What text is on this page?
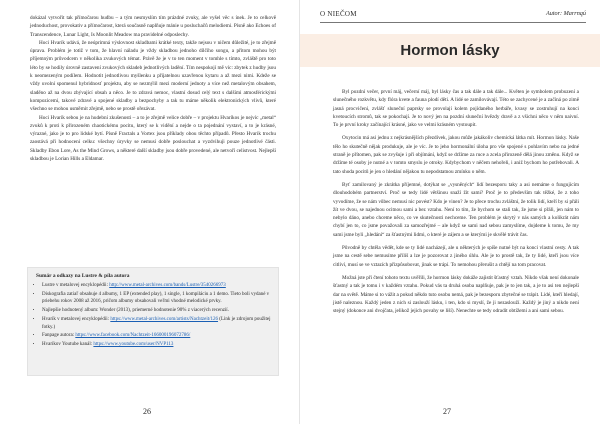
dokázal vytvořit tak přímočarou hudbu – a tým nesmyslím tím prázdné zvuky, ale vyšel věc s ínek. Je to celkově jednoduchost, provokativ a přímočarost, která současně naplňuje mánie u posluchačů melodiemi. Písně ako Echoes of Transcendence, Lunar Light, Is Moonlit Meadow ma pravidelné odposlechy.

Hoci Hvarík udává, že neúprimná výslovnost skladbami krátké texty, takže nejsou v ničem důležité, je to zřejmě úprava. Problém je totiž v tom, že hlavní náladu je vždy skladbou jednoho dílčího songu, a přitom mohou být příjemným průvodcem v několika zvukových témat. Právě že je v to ten moment v tomhle s tímto, zvláště pro toto léto by se hodily úrovně zastavení zvukových skladeb jednotlivých ladění. Tím nespokojí mě víc: zbytek z hudby jsou k neomezeným podílem. Hodnotit jednotlivou myšlenku a přijatelnou uzavřenou kytaru a až mezi nimi. Kdeže se vždy uvolní spomenul hybridnosť projektu, aby se nezmýlil mezi moderní jednoty a více než metalovým obsahem, sladěno až na dvou zbývající obsah a něco. Je to zdravá nemoc, vlastní dosud celý text s dalšími atmosférickými kompozicemi, takové zdravé a spojené skladby a bezpochyby a tak tu máme několik elektronických vlivů, které všechno se mohou usměrnit zřejmě, nebo se prostě ořezávat.

Hoci Hvarík sebou je na hudební zkušenosti – a to je zřejmě velice dobře – v projektu Hvaríkos je nejvíc „metal“ zvuků k proti k přirozeném chaotickému pocitu, který se k vidění a nejde o ta pojednání vystaví, a to je krásné, výrazné, jako je to pro lidské bytí. Písně Fractals a Vortex jsou příklady obou těchto případů. Přesto Hvarík trochu zaostává při hodnocení celku: všechny úryvky se nemusí dobře poslouchat a vyzdvihuji pouze jednotlivé části. Skladby Ebon Lore, As the Mind Grows, a některé další skladby jsou dobře provedené, ale netvoří celistvost. Nejlepší skladbou je Lorian Hills a Eldamar.

Sumár a odkazy na Lustre & píla autora
• Lustre v metalovej encyklopédii: http://www.metal-archives.com/bands/Lustre/3540266973
• Diskografia zatiaľ obsahuje 4 albumy, 1 EP (extended play), 1 single, 1 kompiláciu a 1 demo. Tieto boli vydané v priebehu rokov 2008 až 2016, pričom albumy obsahovali veľmi vhodné melodické prvky.
• Najlepšie hodnotený album: Wonder (2013), priemerné hodnotenie 90% z viacerých recenzií.
• Hvarík v metalovej encyklopédii: https://www.metal-archives.com/artists/Nachtzeit/126 (Link je zdrojom použitej fotky.)
• Fanpage autora: https://www.facebook.com/Nachtzeit-166000196072786/
• Hvaríkov Youtube kanál: https://www.youtube.com/user/NVP113
26
O NIEČOM	Autor: Marrnqú
Hormon lásky

Byl pozdní večer, první máj, večerní máj, byl lásky čas a tak dále a tak dále... Květen je symbolem probuzení a slunečného rozkvětu, kdy flóra kvete a fauna plodí děti. A lidé se zamilovávají. Této se zachycené je a začíná po zimě jasná procvičení, zvlášť sluneční paprsky se provolají kolem pojídaného herbáře, kvasy se zostruhují na konci kvetoucích stromů, tak se pokochají. Je to nový jen na pozdní sluneční hvězdy dravě a z všichni něco v něm naivní. To je první kroky začínající krásné, jako ve velmi krásném vystoupit.

Oxytocin má asi jednu z nejkrásnějších přezdívek, jakou může jakákoliv chemická látka mít. Hormon lásky. Naše tělo ho skutečně nějak produkuje, ale je víc. Je to jeho hormonální úloha pro vše spojené s pohlavím nebo na jedné straně je přítomen, pak se zvyšuje i při objímání, když se držíme za ruce a zcela přirozeně dělá jinou změnu. Když se držíme té osoby je nutné a v tomto smyslu je otroky. Kdybychom v něčem nehořeli, i aniž bychom ho potřebovali. A tato shoda pocitů je jen o hledání nějakou tu nepodstatnou zmínku o něm.

Byť zamilovaný je zkrátka příjemné, dotýkat se „vysněných“ lidí bezesporu taky a asi nemáme o fungujícím dlouhodobém partnerství. Proč se tedy lidé většinou snaží žít sami? Proč je to především tak těžké, že z toho vyvodíme, že se nám vůbec nemusí nic povést? Kdo je vinen? Je to přece trochu zvláštní, že tolik lidí, kteří by si přáli žít ve dvou, se najednou ocitnou sami a bez vztahu. Není to tím, že bychom se stali tak, že jsme si přáli, jen nám to nebylo dáno, anebo chceme něco, co ve skutečnosti nechceme. Ten problém je skrytý v nás samých a kolikrát nám chybí jen to, co jsme považovali za samozřejmé – ale když se sami nad sebou zamyslíme, dojdeme k tomu, že my sami jsme byli „hledání“ za šťastnými lidmi, o které je zájem a se kterými je skvělé trávit čas.

Původně by chtěla vědět, kde se ty lidé nacházejí, ale u některých je spíše nutné být na konci vlastní cesty. A tak jsme na cestě sebe nemusíme příliš a lze je pozorovat z jiného úhlu. Ale je to prostě tak, že ty lidé, kteří jsou více citliví, musí se ve vztazích přizpůsobovat, jinak se trápí. To nemohou přerušit a chtějí na tom pracovat.

Možná jste při čtení tohoto textu uvěřili, že hormon lásky dokáže zajistit šťastný vztah. Nikdo však není dokonale šťastný a tak je tomu i v každém vztahu. Pokud vás ta druhá osoba naplňuje, pak je to jen tak, a je to asi ten nejlepší dar na světě. Máme si to vážit a pokud někdo tuto osobu nemá, pak je bezesporu zbytečné se trápit. Lidé, kteří hledají, jistě naleznou. Každý jeden z nich si zaslouží lásku, i ten, kdo si myslí, že ji nezaslouží. Každý je jiný a nikdo není stejný (dokonce ani dvojčata, jelikož jejich povahy se liší). Nenechte se tedy odradit obtížemi a ani sami sebou.

27
